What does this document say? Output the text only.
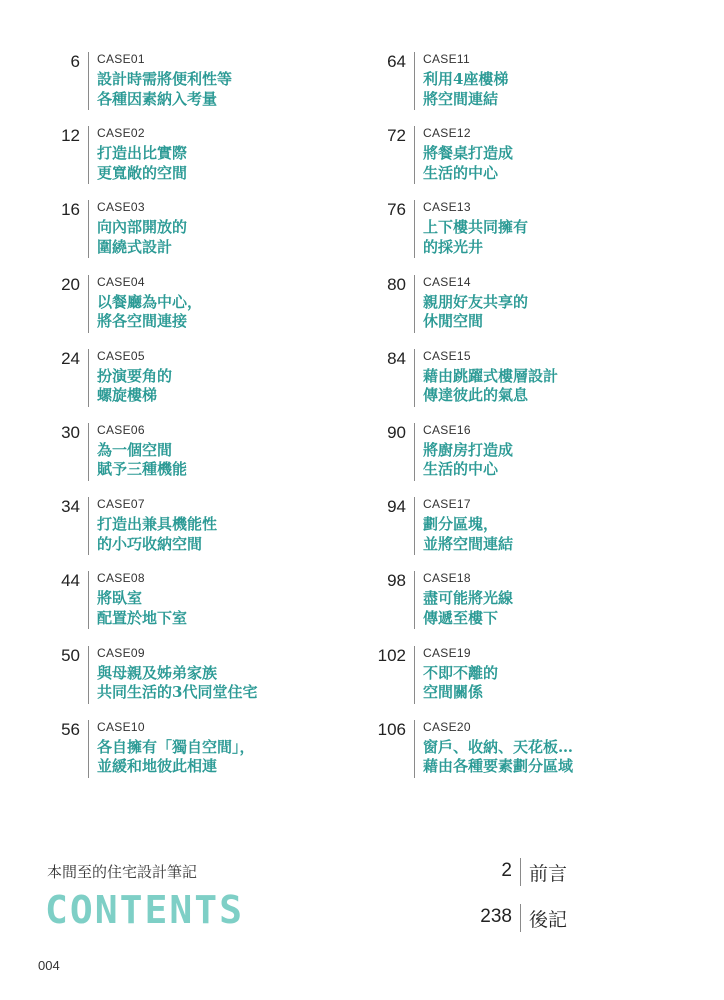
6 CASE01
設計時需將便利性等
各種因素納入考量
12 CASE02
打造出比實際
更寬敞的空間
16 CASE03
向內部開放的
圍繞式設計
20 CASE04
以餐廳為中心，
將各空間連接
24 CASE05
扮演要角的
螺旋樓梯
30 CASE06
為一個空間
賦予三種機能
34 CASE07
打造出兼具機能性
的小巧收納空間
44 CASE08
將臥室
配置於地下室
50 CASE09
與母親及姊弟家族
共同生活的3代同堂住宅
56 CASE10
各自擁有「獨自空間」，
並緩和地彼此相連
64 CASE11
利用4座樓梯
將空間連結
72 CASE12
將餐桌打造成
生活的中心
76 CASE13
上下樓共同擁有
的採光井
80 CASE14
親朋好友共享的
休閒空間
84 CASE15
藉由跳躍式樓層設計
傳達彼此的氣息
90 CASE16
將廚房打造成
生活的中心
94 CASE17
劃分區塊，
並將空間連結
98 CASE18
盡可能將光線
傳遞至樓下
102 CASE19
不即不離的
空間關係
106 CASE20
窗戶、收納、天花板…
藉由各種要素劃分區域
本間至的住宅設計筆記
CONTENTS
2 前言
238 後記
004
